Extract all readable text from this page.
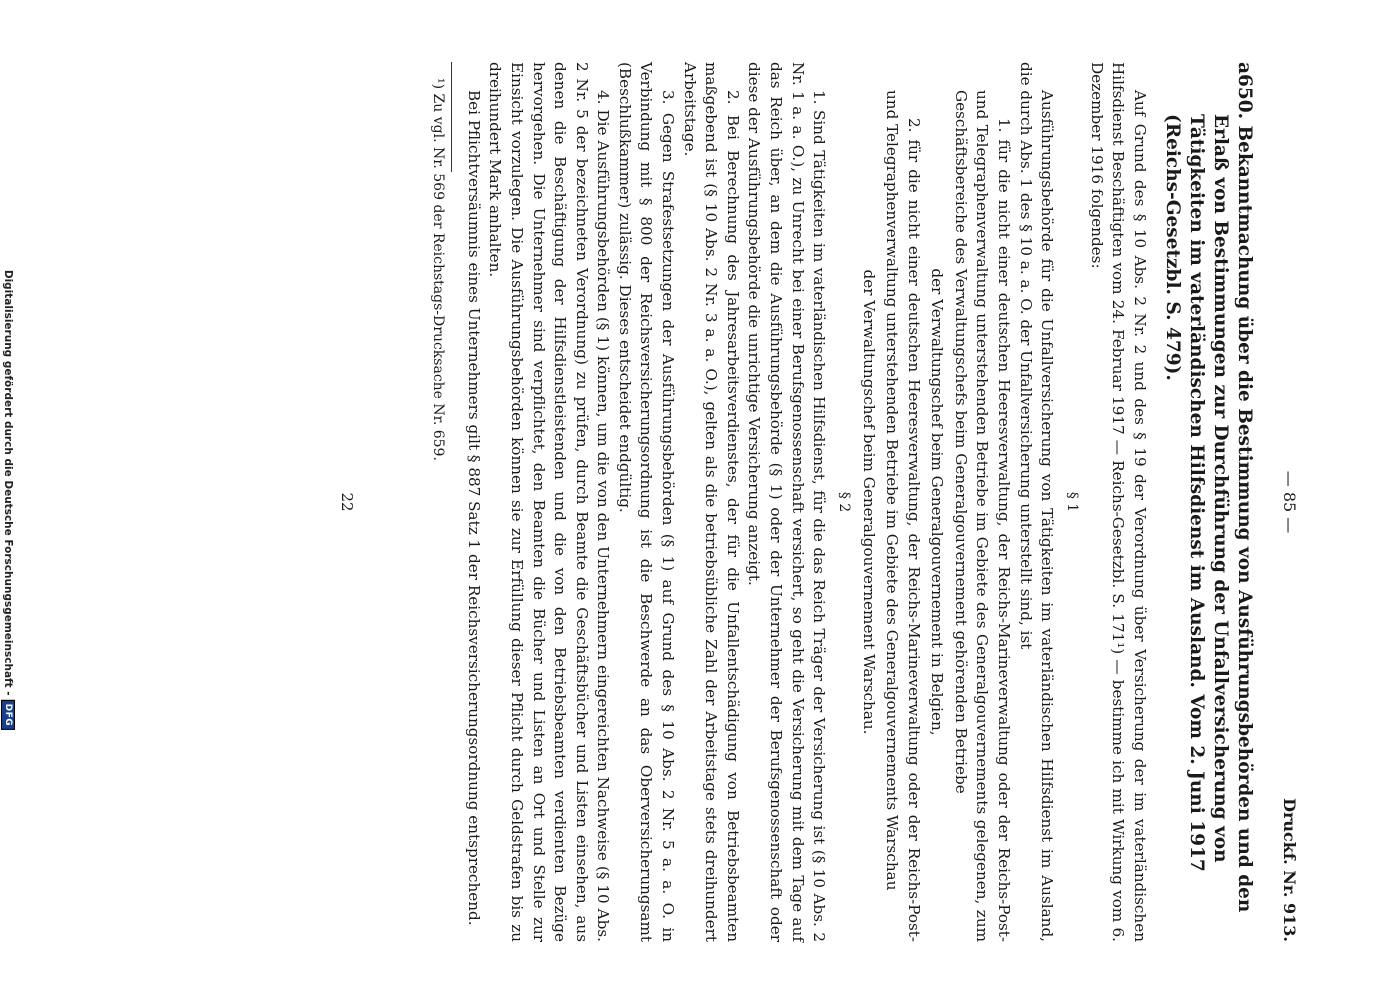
Digitalisierung gefördert durch die Deutsche Forschungsgemeinschaft -
DFG
— 85 —
Druckf. Nr. 913.

a650. Bekanntmachung über die Bestimmung von Ausführungsbehörden und den Erlaß von Bestimmungen zur Durchführung der Unfallversicherung von Tätigkeiten im vaterländischen Hilfsdienst im Ausland. Vom 2. Juni 1917 (Reichs-Gesetzbl. S. 479).

Auf Grund des § 10 Abs. 2 Nr. 2 und des § 19 der Verordnung über Versicherung der im vaterländischen Hilfsdienst Beschäftigten vom 24. Februar 1917 — Reichs-Gesetzbl. S. 171¹) — bestimme ich mit Wirkung vom 6. Dezember 1916 folgendes:

§ 1

Ausführungsbehörde für die Unfallversicherung von Tätigkeiten im vaterländischen Hilfsdienst im Ausland, die durch Abs. 1 des § 10 a. a. O. der Unfallversicherung unterstellt sind, ist

1. für die nicht einer deutschen Heeresverwaltung, der Reichs-Marineverwaltung oder der Reichs-Post- und Telegraphenverwaltung unterstehenden Betriebe im Gebiete des Generalgouvernements gelegenen, zum Geschäftsbereiche des Verwaltungschefs beim Generalgouvernement gehörenden Betriebe

der Verwaltungschef beim Generalgouvernement in Belgien,

2. für die nicht einer deutschen Heeresverwaltung, der Reichs-Marineverwaltung oder der Reichs-Post- und Telegraphenverwaltung unterstehenden Betriebe im Gebiete des Generalgouvernements Warschau

der Verwaltungschef beim Generalgouvernement Warschau.

§ 2

1. Sind Tätigkeiten im vaterländischen Hilfsdienst, für die das Reich Träger der Versicherung ist (§ 10 Abs. 2 Nr. 1 a. a. O.), zu Unrecht bei einer Berufsgenossenschaft versichert, so geht die Versicherung mit dem Tage auf das Reich über, an dem die Ausführungsbehörde (§ 1) oder der Unternehmer der Berufsgenossenschaft oder diese der Ausführungsbehörde die unrichtige Versicherung anzeigt.

2. Bei Berechnung des Jahresarbeitsverdienstes, der für die Unfallentschädigung von Betriebsbeamten maßgebend ist (§ 10 Abs. 2 Nr. 3 a. a. O.), gelten als die betriebsübliche Zahl der Arbeitstage stets dreihundert Arbeitstage.

3. Gegen Strafestsetzungen der Ausführungsbehörden (§ 1) auf Grund des § 10 Abs. 2 Nr. 5 a. a. O. in Verbindung mit § 800 der Reichsversicherungsordnung ist die Beschwerde an das Oberversicherungsamt (Beschlußkammer) zulässig. Dieses entscheidet endgültig.

4. Die Ausführungsbehörden (§ 1) können, um die von den Unternehmern eingereichten Nachweise (§ 10 Abs. 2 Nr. 5 der bezeichneten Verordnung) zu prüfen, durch Beamte die Geschäftsbücher und Listen einsehen, aus denen die Beschäftigung der Hilfsdienstleistenden und die von den Betriebsbeamten verdienten Bezüge hervorgehen. Die Unternehmer sind verpflichtet, den Beamten die Bücher und Listen an Ort und Stelle zur Einsicht vorzulegen. Die Ausführungsbehörden können sie zur Erfüllung dieser Pflicht durch Geldstrafen bis zu dreihundert Mark anhalten.

Bei Pflichtversäumnis eines Unternehmers gilt § 887 Satz 1 der Reichsversicherungsordnung entsprechend.

¹) Zu vgl. Nr. 569 der Reichstags-Drucksache Nr. 659.

22
